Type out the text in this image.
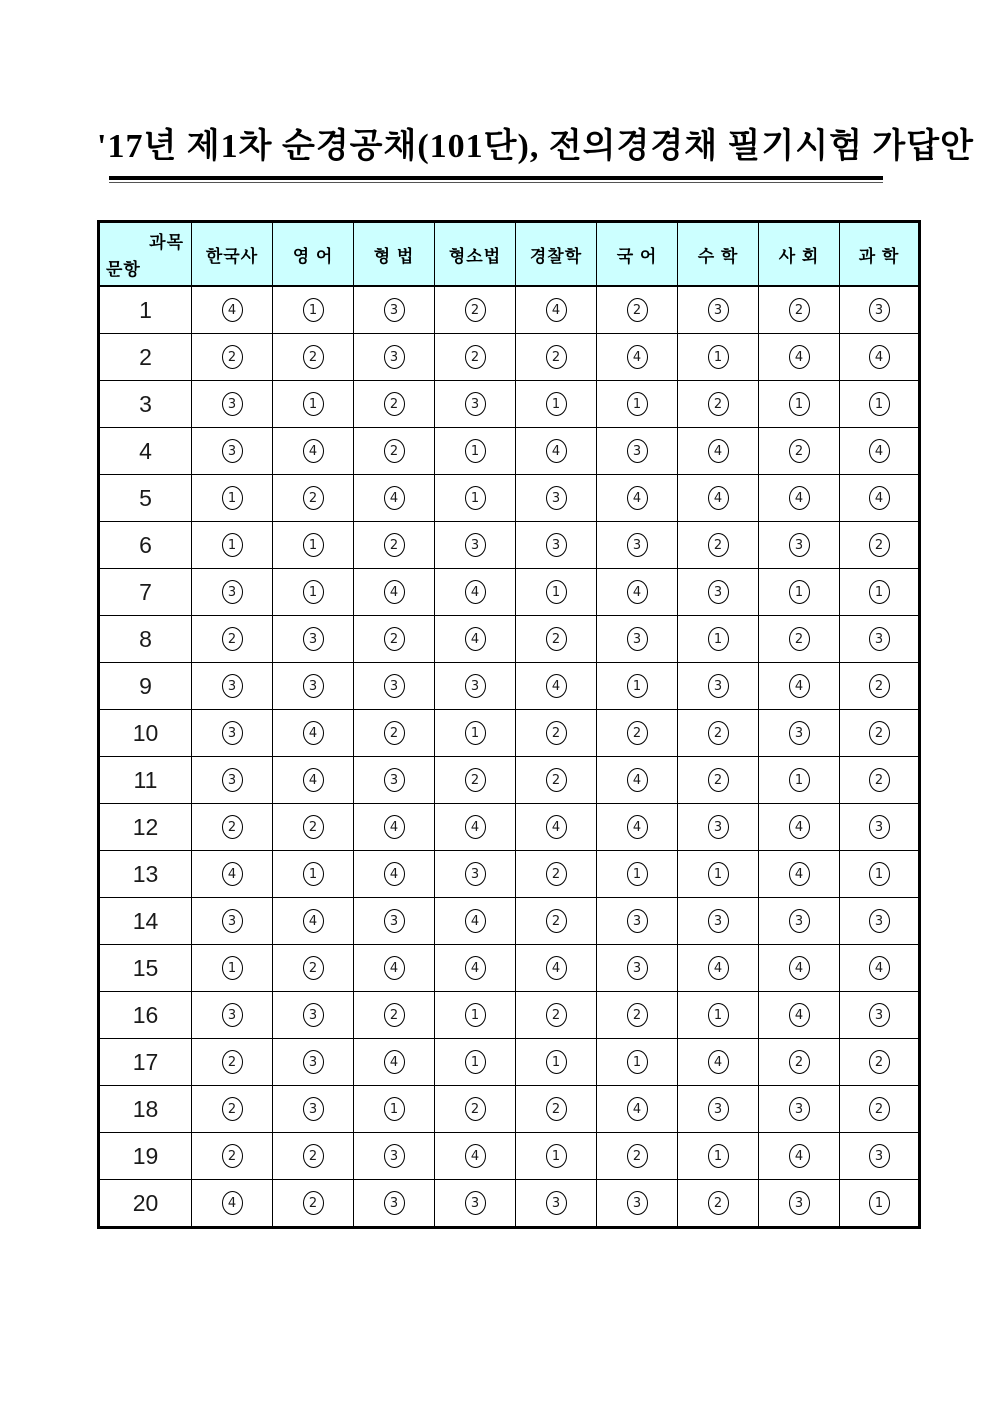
'17년 제1차 순경공채(101단), 전의경경채 필기시험 가답안
과목
문항	한국사	영 어	형 법	형소법	경찰학	국 어	수 학	사 회	과 학
1	4	1	3	2	4	2	3	2	3
2	2	2	3	2	2	4	1	4	4
3	3	1	2	3	1	1	2	1	1
4	3	4	2	1	4	3	4	2	4
5	1	2	4	1	3	4	4	4	4
6	1	1	2	3	3	3	2	3	2
7	3	1	4	4	1	4	3	1	1
8	2	3	2	4	2	3	1	2	3
9	3	3	3	3	4	1	3	4	2
10	3	4	2	1	2	2	2	3	2
11	3	4	3	2	2	4	2	1	2
12	2	2	4	4	4	4	3	4	3
13	4	1	4	3	2	1	1	4	1
14	3	4	3	4	2	3	3	3	3
15	1	2	4	4	4	3	4	4	4
16	3	3	2	1	2	2	1	4	3
17	2	3	4	1	1	1	4	2	2
18	2	3	1	2	2	4	3	3	2
19	2	2	3	4	1	2	1	4	3
20	4	2	3	3	3	3	2	3	1
